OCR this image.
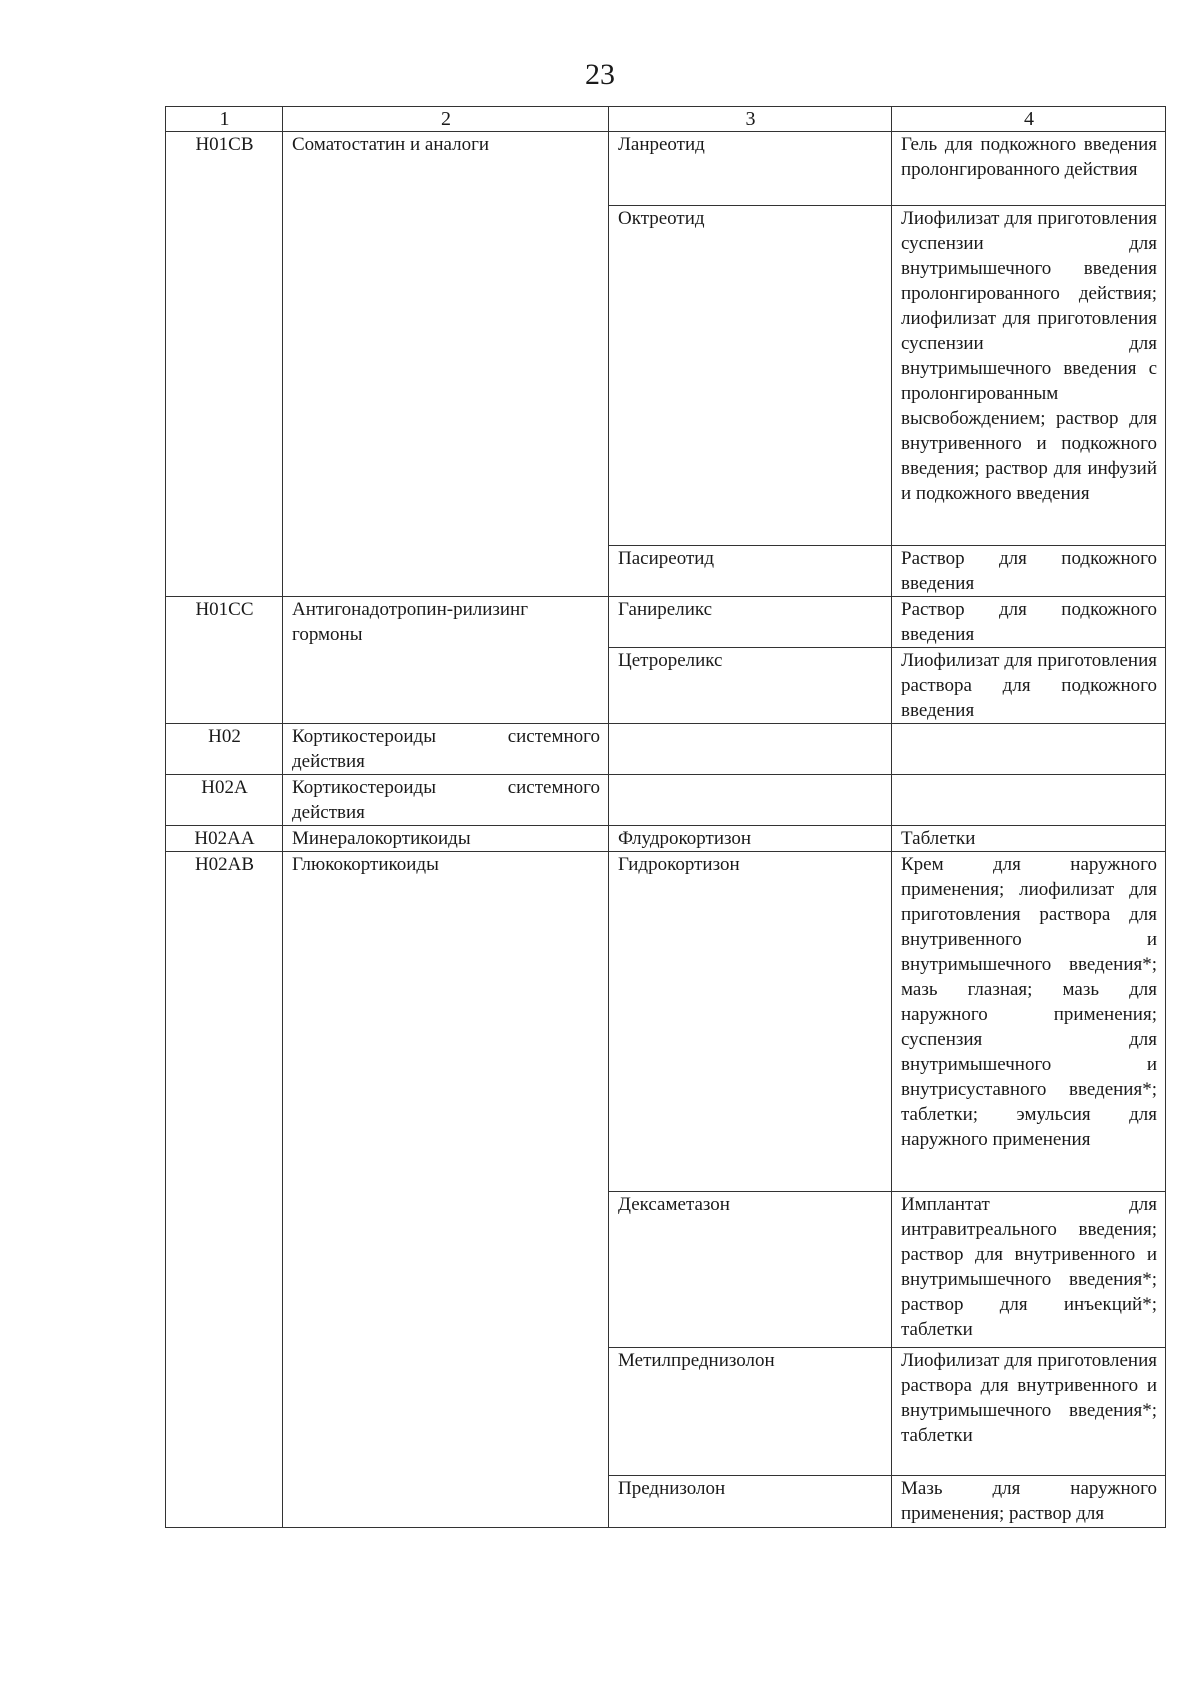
23
1	2	3	4
H01CB	Соматостатин и аналоги	Ланреотид	Гель для подкожного введения пролонгированного действия
		Октреотид	Лиофилизат для приготовления суспензии для внутримышечного введения пролонгированного действия; лиофилизат для приготовления суспензии для внутримышечного введения с пролонгированным высвобождением; раствор для внутривенного и подкожного введения; раствор для инфузий и подкожного введения
		Пасиреотид	Раствор для подкожного введения
H01CC	Антигонадотропин-рилизинг гормоны	Ганиреликс	Раствор для подкожного введения
		Цетрореликс	Лиофилизат для приготовления раствора для подкожного введения
H02	Кортикостероиды системного действия		
H02A	Кортикостероиды системного действия		
H02AA	Минералокортикоиды	Флудрокортизон	Таблетки
H02AB	Глюкокортикоиды	Гидрокортизон	Крем для наружного применения; лиофилизат для приготовления раствора для внутривенного и внутримышечного введения*; мазь глазная; мазь для наружного применения; суспензия для внутримышечного и внутрисуставного введения*; таблетки; эмульсия для наружного применения
		Дексаметазон	Имплантат для интравитреального введения; раствор для внутривенного и внутримышечного введения*; раствор для инъекций*; таблетки
		Метилпреднизолон	Лиофилизат для приготовления раствора для внутривенного и внутримышечного введения*; таблетки
		Преднизолон	Мазь для наружного применения; раствор для
